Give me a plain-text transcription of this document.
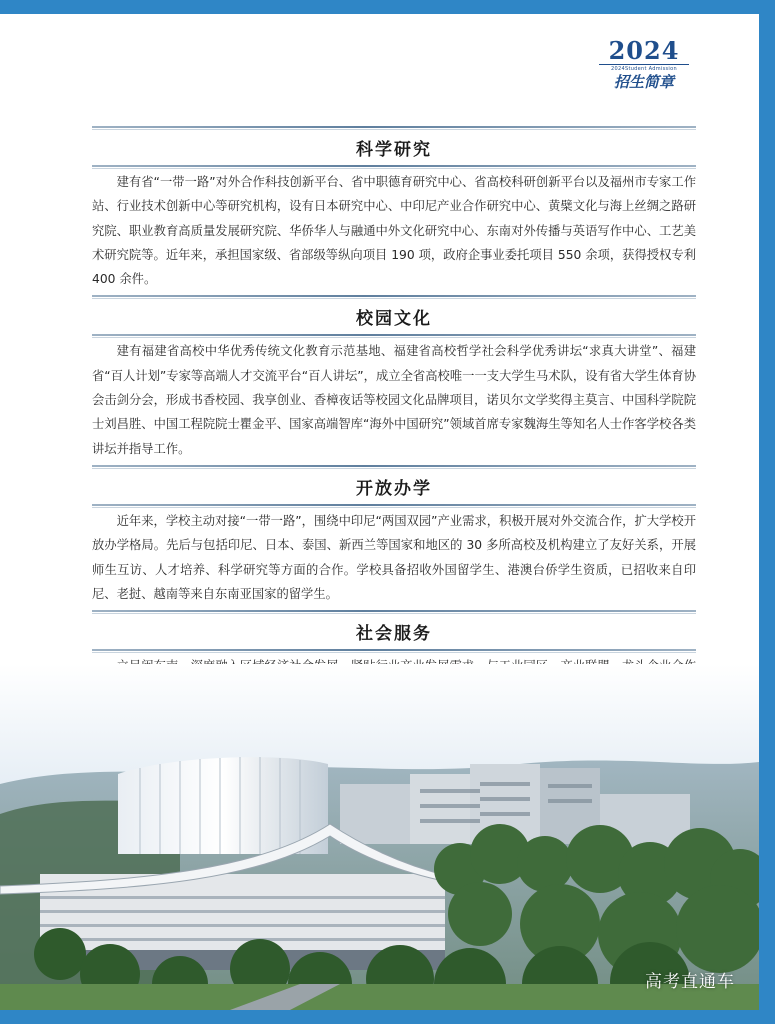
2024
2024Student Admission
招生简章
科学研究

建有省“一带一路”对外合作科技创新平台、省中职德育研究中心、省高校科研创新平台以及福州市专家工作站、行业技术创新中心等研究机构，设有日本研究中心、中印尼产业合作研究中心、黄檗文化与海上丝绸之路研究院、职业教育高质量发展研究院、华侨华人与融通中外文化研究中心、东南对外传播与英语写作中心、工艺美术研究院等。近年来，承担国家级、省部级等纵向项目 190 项，政府企事业委托项目 550 余项，获得授权专利 400 余件。

校园文化

建有福建省高校中华优秀传统文化教育示范基地、福建省高校哲学社会科学优秀讲坛“求真大讲堂”、福建省“百人计划”专家等高端人才交流平台“百人讲坛”，成立全省高校唯一一支大学生马术队，设有省大学生体育协会击剑分会，形成书香校园、我享创业、香樟夜话等校园文化品牌项目，诺贝尔文学奖得主莫言、中国科学院院士刘昌胜、中国工程院院士瞿金平、国家高端智库“海外中国研究”领域首席专家魏海生等知名人士作客学校各类讲坛并指导工作。

开放办学

近年来，学校主动对接“一带一路”，围绕中印尼“两国双园”产业需求，积极开展对外交流合作，扩大学校开放办学格局。先后与包括印尼、日本、泰国、新西兰等国家和地区的 30 多所高校及机构建立了友好关系，开展师生互访、人才培养、科学研究等方面的合作。学校具备招收外国留学生、港澳台侨学生资质，已招收来自印尼、老挝、越南等来自东南亚国家的留学生。

社会服务

高考直通车
